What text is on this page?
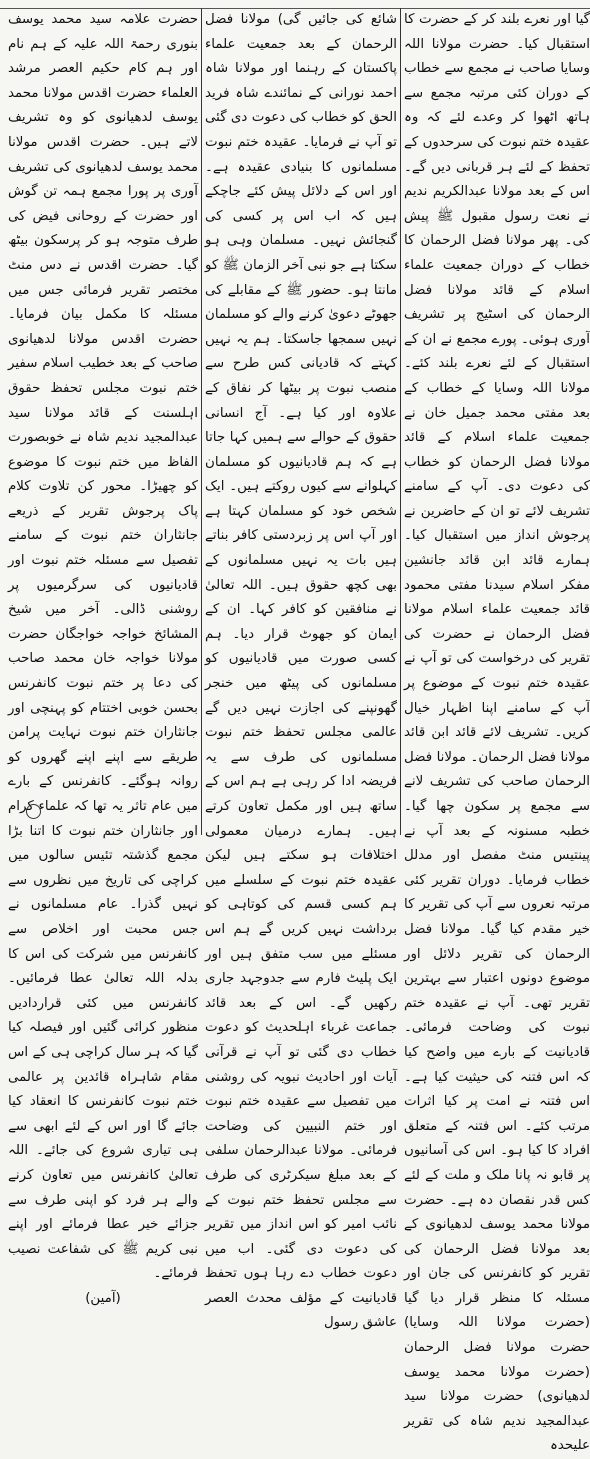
گیا اور نعرے بلند کر کے حضرت کا استقبال کیا۔ حضرت مولانا اللہ وسایا صاحب نے مجمع سے خطاب کے دوران کئی مرتبہ مجمع سے ہاتھ اٹھوا کر وعدے لئے کہ وہ عقیدہ ختم نبوت کی سرحدوں کے تحفظ کے لئے ہر قربانی دیں گے۔ اس کے بعد مولانا عبدالکریم ندیم نے نعت رسول مقبول ﷺ پیش کی۔ پھر مولانا فضل الرحمان کا خطاب کے دوران جمعیت علماء اسلام کے قائد مولانا فضل الرحمان کی اسٹیج پر تشریف آوری ہوئی۔ پورے مجمع نے ان کے استقبال کے لئے نعرے بلند کئے۔ مولانا اللہ وسایا کے خطاب کے بعد مفتی محمد جمیل خان نے جمعیت علماء اسلام کے قائد مولانا فضل الرحمان کو خطاب کی دعوت دی۔ آپ کے سامنے تشریف لائے تو ان کے حاضرین نے پرجوش انداز میں استقبال کیا۔ ہمارے قائد ابن قائد جانشین مفکر اسلام سیدنا مفتی محمود قائد جمعیت علماء اسلام مولانا فضل الرحمان نے حضرت کی تقریر کی درخواست کی تو آپ نے عقیدہ ختم نبوت کے موضوع پر آپ کے سامنے اپنا اظہار خیال کریں۔ تشریف لائے قائد ابن قائد مولانا فضل الرحمان۔ مولانا فضل الرحمان صاحب کی تشریف لانے سے مجمع پر سکون چھا گیا۔ خطبہ مسنونہ کے بعد آپ نے پینتیس منٹ مفصل اور مدلل خطاب فرمایا۔ دوران تقریر کئی مرتبہ نعروں سے آپ کی تقریر کا خیر مقدم کیا گیا۔ مولانا فضل الرحمان کی تقریر دلائل اور موضوع دونوں اعتبار سے بہترین تقریر تھی۔ آپ نے عقیدہ ختم نبوت کی وضاحت فرمائی۔ قادیانیت کے بارے میں واضح کیا کہ اس فتنہ کی حیثیت کیا ہے۔ اس فتنہ نے امت پر کیا اثرات مرتب کئے۔ اس فتنہ کے متعلق افراد کا کیا ہو۔ اس کی آسانیوں پر قابو نہ پانا ملک و ملت کے لئے کس قدر نقصان دہ ہے۔ حضرت مولانا محمد یوسف لدھیانوی کے بعد مولانا فضل الرحمان کی تقریر کو کانفرنس کی جان اور مسئلہ کا منظر قرار دیا گیا (حضرت مولانا اللہ وسایا) حضرت مولانا فضل الرحمان (حضرت مولانا محمد یوسف لدھیانوی) حضرت مولانا سید عبدالمجید ندیم شاہ کی تقریر علیحدہ

شائع کی جائیں گی) مولانا فضل الرحمان کے بعد جمعیت علماء پاکستان کے رہنما اور مولانا شاہ احمد نورانی کے نمائندے شاہ فرید الحق کو خطاب کی دعوت دی گئی تو آپ نے فرمایا۔ عقیدہ ختم نبوت مسلمانوں کا بنیادی عقیدہ ہے۔ اور اس کے دلائل پیش کئے جاچکے ہیں کہ اب اس پر کسی کی گنجائش نہیں۔ مسلمان وہی ہو سکتا ہے جو نبی آخر الزمان ﷺ کو مانتا ہو۔ حضور ﷺ کے مقابلے کی جھوٹے دعویٰ کرنے والے کو مسلمان نہیں سمجھا جاسکتا۔ ہم یہ نہیں کہتے کہ قادیانی کس طرح سے منصب نبوت پر بیٹھا کر نفاق کے علاوہ اور کیا ہے۔ آج انسانی حقوق کے حوالے سے ہمیں کہا جاتا ہے کہ ہم قادیانیوں کو مسلمان کہلوانے سے کیوں روکتے ہیں۔ ایک شخص خود کو مسلمان کہتا ہے اور آپ اس پر زبردستی کافر بناتے ہیں بات یہ نہیں مسلمانوں کے بھی کچھ حقوق ہیں۔ اللہ تعالیٰ نے منافقین کو کافر کہا۔ ان کے ایمان کو جھوٹ قرار دیا۔ ہم کسی صورت میں قادیانیوں کو مسلمانوں کی پیٹھ میں خنجر گھونپنے کی اجازت نہیں دیں گے عالمی مجلس تحفظ ختم نبوت مسلمانوں کی طرف سے یہ فریضہ ادا کر رہی ہے ہم اس کے ساتھ ہیں اور مکمل تعاون کرتے ہیں۔ ہمارے درمیان معمولی اختلافات ہو سکتے ہیں لیکن عقیدہ ختم نبوت کے سلسلے میں ہم کسی قسم کی کوتاہی کو برداشت نہیں کریں گے ہم اس مسئلے میں سب متفق ہیں اور ایک پلیٹ فارم سے جدوجہد جاری رکھیں گے۔ اس کے بعد قائد جماعت غرباء اہلحدیث کو دعوت خطاب دی گئی تو آپ نے قرآنی آیات اور احادیث نبویہ کی روشنی میں تفصیل سے عقیدہ ختم نبوت اور ختم النبیین کی وضاحت فرمائی۔ مولانا عبدالرحمان سلفی کے بعد مبلغ سیکرٹری کی طرف سے مجلس تحفظ ختم نبوت کے نائب امیر کو اس انداز میں تقریر کی دعوت دی گئی۔ اب میں دعوت خطاب دے رہا ہوں تحفظ قادیانیت کے مؤلف محدث العصر عاشق رسول

حضرت علامہ سید محمد یوسف بنوری رحمۃ اللہ علیہ کے ہم نام اور ہم کام حکیم العصر مرشد العلماء حضرت اقدس مولانا محمد یوسف لدھیانوی کو وہ تشریف لاتے ہیں۔ حضرت اقدس مولانا محمد یوسف لدھیانوی کی تشریف آوری پر پورا مجمع ہمہ تن گوش اور حضرت کے روحانی فیض کی طرف متوجہ ہو کر پرسکون بیٹھ گیا۔ حضرت اقدس نے دس منٹ مختصر تقریر فرمائی جس میں مسئلہ کا مکمل بیان فرمایا۔ حضرت اقدس مولانا لدھیانوی صاحب کے بعد خطیب اسلام سفیر ختم نبوت مجلس تحفظ حقوق اہلسنت کے قائد مولانا سید عبدالمجید ندیم شاہ نے خوبصورت الفاظ میں ختم نبوت کا موضوع کو چھیڑا۔ محور کن تلاوت کلام پاک پرجوش تقریر کے ذریعے جانثاران ختم نبوت کے سامنے تفصیل سے مسئلہ ختم نبوت اور قادیانیوں کی سرگرمیوں پر روشنی ڈالی۔ آخر میں شیخ المشائخ خواجہ خواجگان حضرت مولانا خواجہ خان محمد صاحب کی دعا پر ختم نبوت کانفرنس بحسن خوبی اختتام کو پہنچی اور جانثاران ختم نبوت نہایت پرامن طریقے سے اپنے اپنے گھروں کو روانہ ہوگئے۔ کانفرنس کے بارے میں عام تاثر یہ تھا کہ علماء کرام اور جانثاران ختم نبوت کا اتنا بڑا مجمع گذشتہ تئیس سالوں میں کراچی کی تاریخ میں نظروں سے نہیں گذرا۔ عام مسلمانوں نے جس محبت اور اخلاص سے کانفرنس میں شرکت کی اس کا بدلہ اللہ تعالیٰ عطا فرمائیں۔ کانفرنس میں کئی قراردادیں منظور کرائی گئیں اور فیصلہ کیا گیا کہ ہر سال کراچی ہی کے اس مقام شاہراہ قائدین پر عالمی ختم نبوت کانفرنس کا انعقاد کیا جائے گا اور اس کے لئے ابھی سے ہی تیاری شروع کی جائے۔ اللہ تعالیٰ کانفرنس میں تعاون کرنے والے ہر فرد کو اپنی طرف سے جزائے خیر عطا فرمائے اور اپنے نبی کریم ﷺ کی شفاعت نصیب فرمائے۔

(آمین)
